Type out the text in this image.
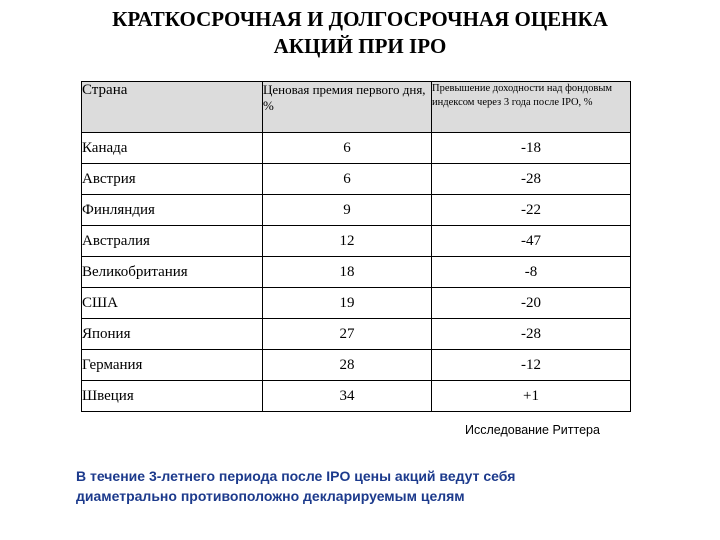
КРАТКОСРОЧНАЯ И ДОЛГОСРОЧНАЯ ОЦЕНКА
АКЦИЙ ПРИ IPO
Страна	Ценовая премия первого дня, %	Превышение доходности над фондовым индексом через 3 года после IPO, %
Канада	6	-18
Австрия	6	-28
Финляндия	9	-22
Австралия	12	-47
Великобритания	18	-8
США	19	-20
Япония	27	-28
Германия	28	-12
Швеция	34	+1
Исследование Риттера
В течение 3-летнего периода после IPO цены акций ведут себя
диаметрально противоположно декларируемым целям
